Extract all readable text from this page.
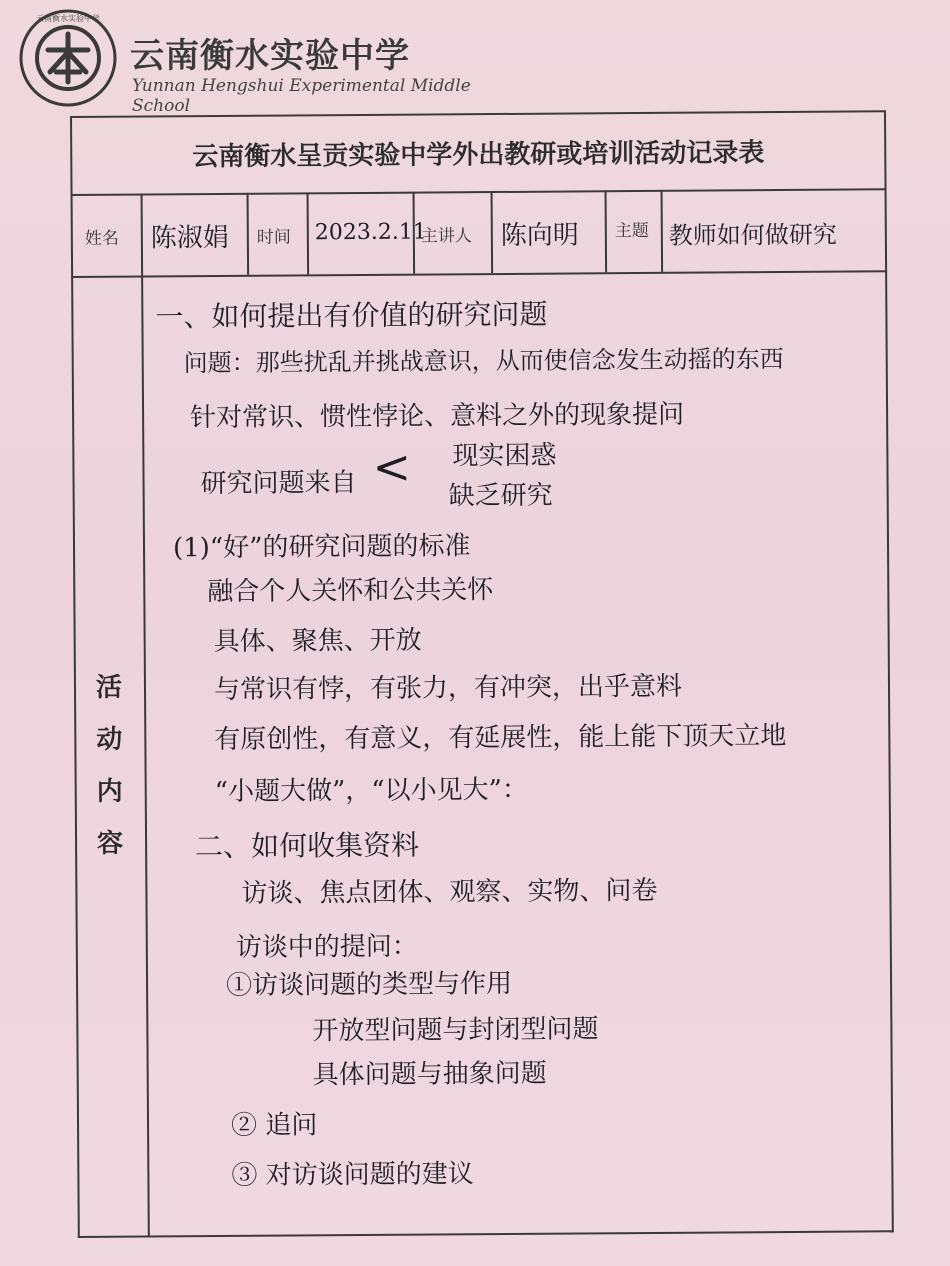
云南衡水实验中学
云南衡水实验中学
Yunnan Hengshui Experimental Middle School
云南衡水呈贡实验中学外出教研或培训活动记录表
姓名 陈淑娟 时间 2023.2.11
主讲人 陈向明 主题 教师如何做研究
活
动
内
容
一、如何提出有价值的研究问题
问题：那些扰乱并挑战意识，从而使信念发生动摇的东西
针对常识、惯性悖论、意料之外的现象提问
研究问题来自 < 现实困惑
缺乏研究
(1)“好”的研究问题的标准
融合个人关怀和公共关怀
具体、聚焦、开放
与常识有悖，有张力，有冲突，出乎意料
有原创性，有意义，有延展性，能上能下顶天立地
“小题大做”，“以小见大”：
二、如何收集资料
访谈、焦点团体、观察、实物、问卷
访谈中的提问：
①访谈问题的类型与作用
开放型问题与封闭型问题
具体问题与抽象问题
② 追问
③ 对访谈问题的建议
